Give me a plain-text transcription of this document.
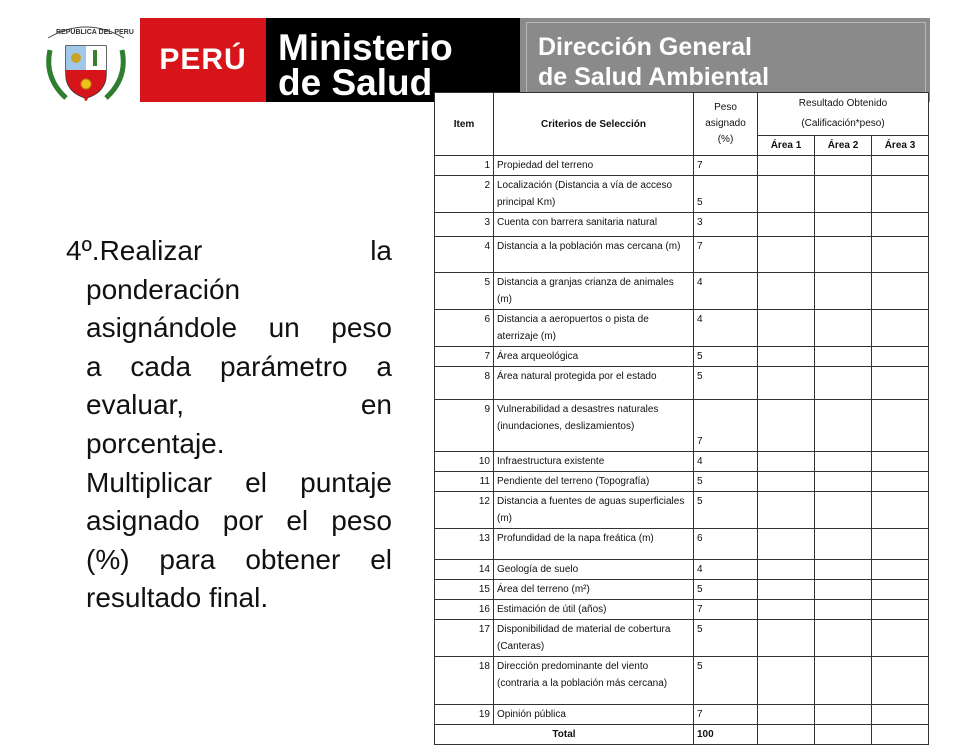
REPUBLICA DEL PERU
PERÚ Ministerio
de Salud
Dirección General
de Salud Ambiental
4º.Realizar la
ponderación
asignándole un peso
a cada parámetro a
evaluar, en
porcentaje.
Multiplicar el puntaje
asignado por el peso
(%) para obtener el
resultado final.
Item	Criterios de Selección	Peso asignado (%)	Resultado Obtenido (Calificación*peso)		
			Área 1	Área 2	Área 3
1	Propiedad del terreno	7			
2	Localización (Distancia a vía de acceso principal Km)	5			
3	Cuenta con barrera sanitaria natural	3			
4	Distancia a la población mas cercana (m)	7			
5	Distancia a granjas crianza de animales (m)	4			
6	Distancia a aeropuertos o pista de aterrizaje (m)	4			
7	Área arqueológica	5			
8	Área natural protegida por el estado	5			
9	Vulnerabilidad a desastres naturales (inundaciones, deslizamientos)	7			
10	Infraestructura existente	4			
11	Pendiente del terreno (Topografía)	5			
12	Distancia a fuentes de aguas superficiales (m)	5			
13	Profundidad de la napa freática (m)	6			
14	Geología de suelo	4			
15	Área del terreno (m²)	5			
16	Estimación de útil (años)	7			
17	Disponibilidad de material de cobertura (Canteras)	5			
18	Dirección predominante del viento (contraria a la población más cercana)	5			
19	Opinión pública	7			
Total		100			
